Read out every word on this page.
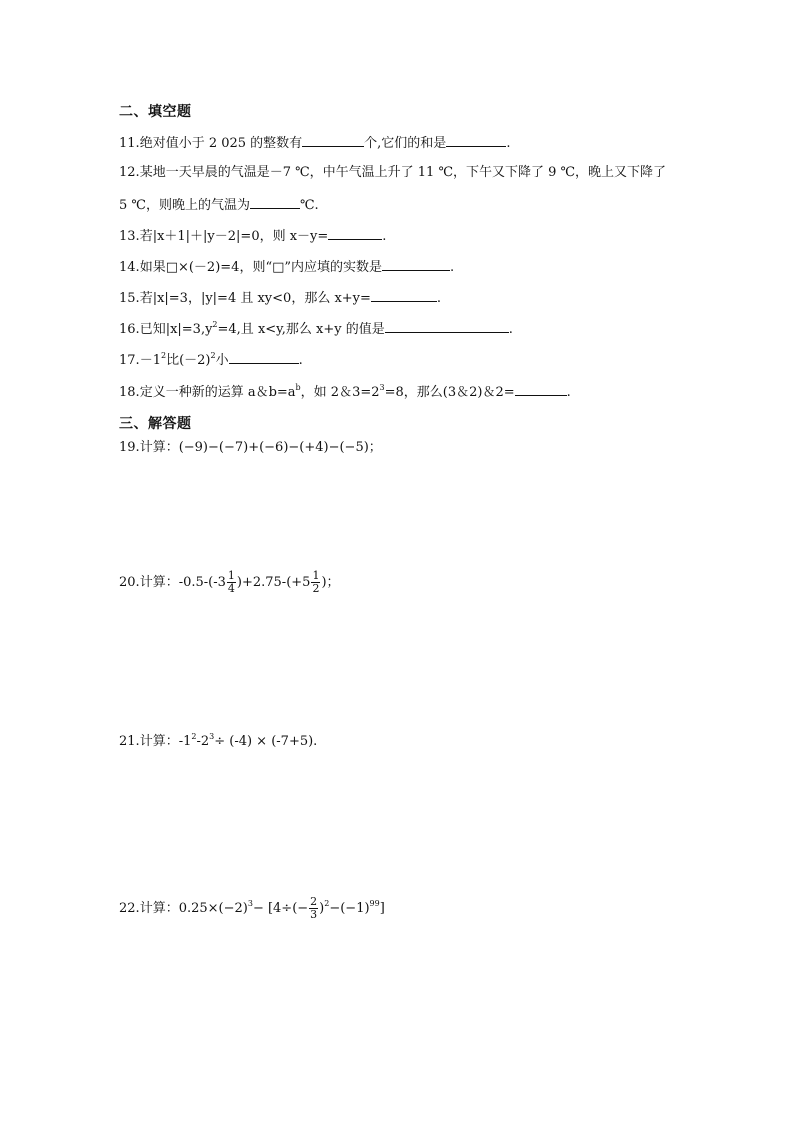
二、填空题
11.绝对值小于 2 025 的整数有	个,它们的和是	.
12.某地一天早晨的气温是－7 ℃，中午气温上升了 11 ℃，下午又下降了 9 ℃，晚上又下降了
5 ℃，则晚上的气温为	℃.
13.若|x＋1|＋|y－2|=0，则 x－y=	.
14.如果□×(－2)=4，则“□”内应填的实数是	.
15.若|x|=3，|y|=4 且 xy<0，那么 x+y=	.
16.已知$|x|=3,y^2=4$,且 x<y,那么 x+y 的值是	.
$17.-1^2$比$(-2)^2$小	.
18.定义一种新的运算 a＆$b=a^b$，如 2＆$3=2^3=8$，那么(3＆2)＆2=	.
三、解答题
19.计算：(−9)−(−7)+(−6)−(+4)−(−5)；
20.计算：$-0.5-(-3 \frac{1}{4} )+2.75-(+5 \frac{1}{2}$ )；
21.计算：$-1^2-2^3\div (-4) \times (-7+5)$.
22.计算：$0.25\times(-2)^3- [4\div(- \frac{2}{3} )^2-(-1)^{99}]$
